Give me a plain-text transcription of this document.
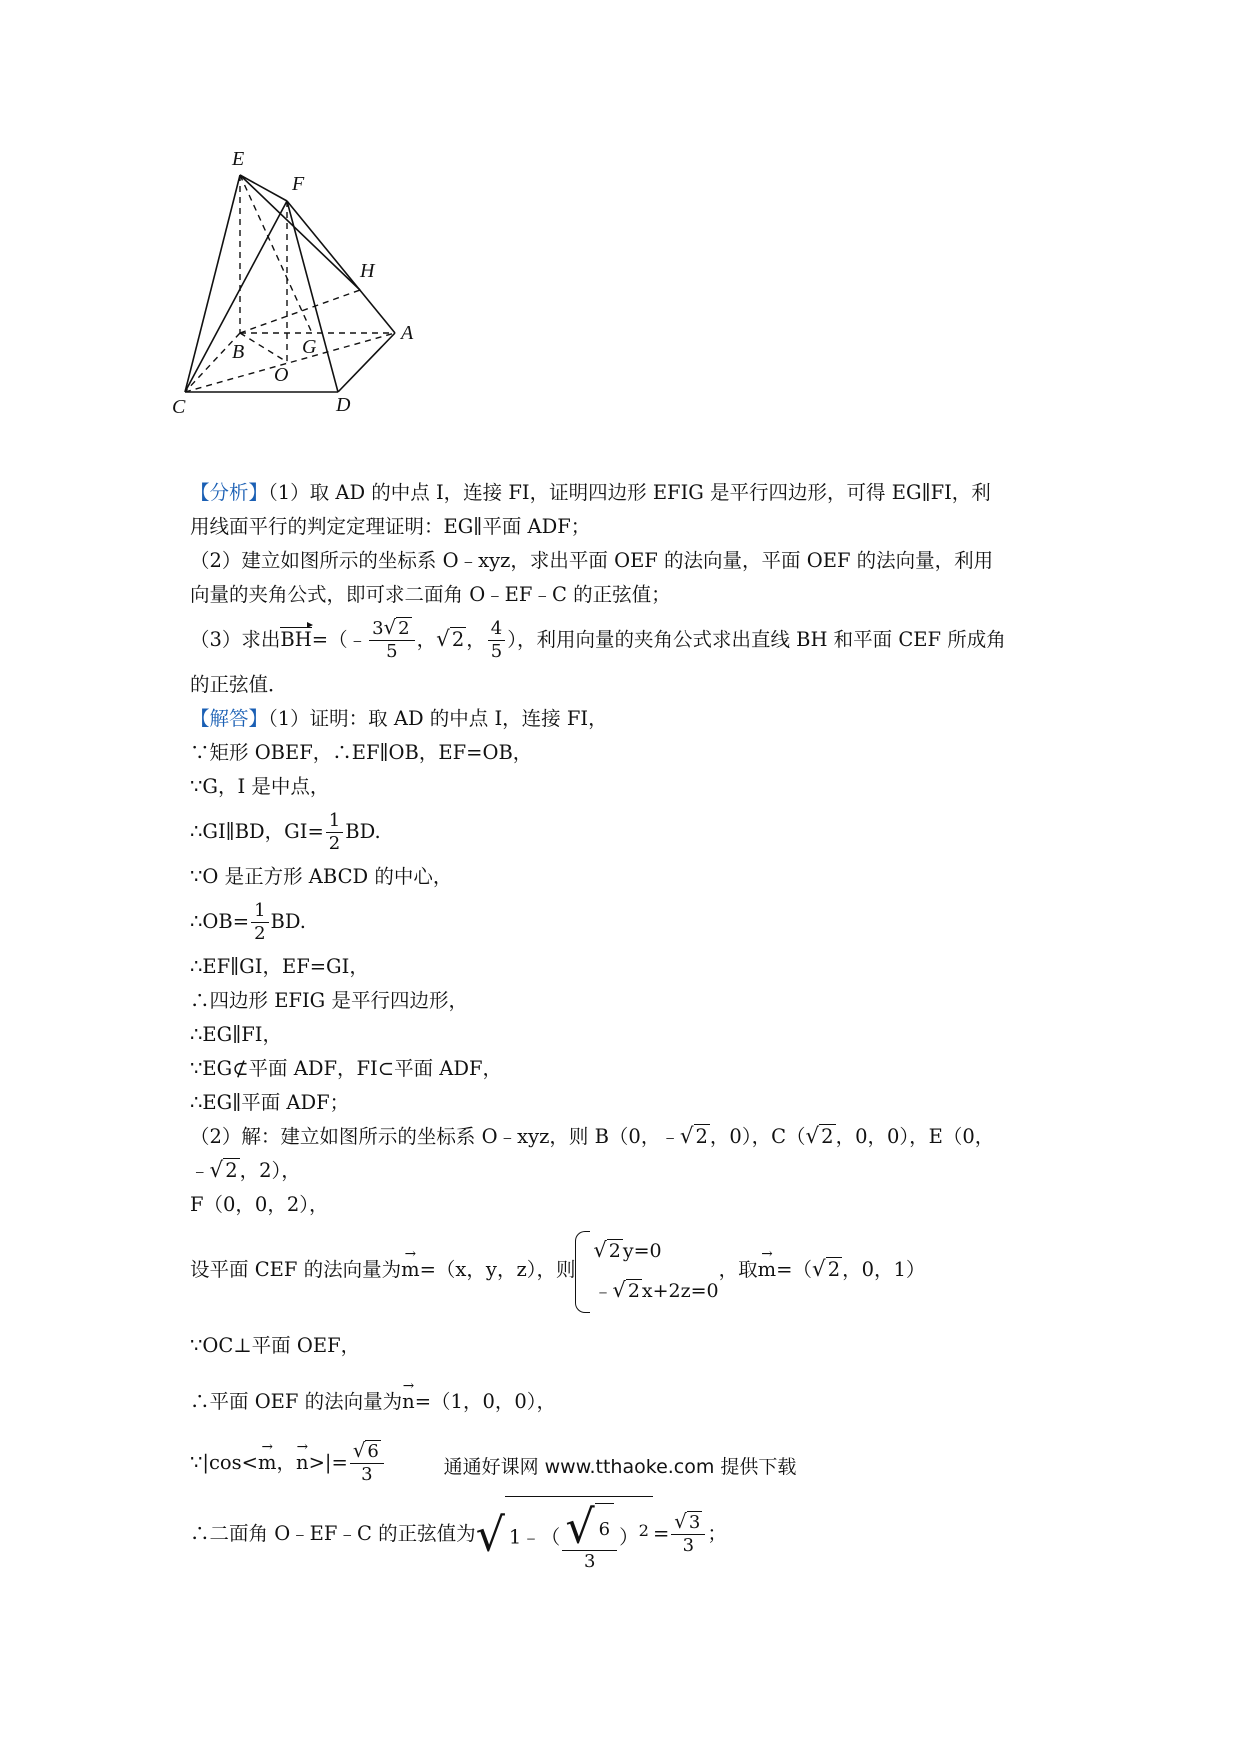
E
F
H
A
B	G
O
C	D
【分析】（1）取 AD 的中点 I，连接 FI，证明四边形 EFIG 是平行四边形，可得 EG∥FI，利
用线面平行的判定定理证明：EG∥平面 ADF；
（2）建立如图所示的坐标系 O﹣xyz，求出平面 OEF 的法向量，平面 OEF 的法向量，利用
向量的夹角公式，即可求二面角 O﹣EF﹣C 的正弦值；
（3）求出BH=（﹣ $\frac{3√ 2}{5}$ ，√ 2 ， $\frac{4}{5}$ ），利用向量的夹角公式求出直线 BH 和平面 CEF 所成角
的正弦值．
【解答】（1）证明：取 AD 的中点 I，连接 FI，
∵矩形 OBEF，∴EF∥OB，EF=OB，
∵G，I 是中点，
∴GI∥BD，$GI= \frac{1}{2}$ BD.
∵O 是正方形 ABCD 的中心，
∴OB= $\frac{1}{2}$ BD.
∴EF∥GI，EF=GI，
∴四边形 EFIG 是平行四边形，
∴EG∥FI，
∵EG⊄平面 ADF，FI⊂平面 ADF，
∴EG∥平面 ADF；
（2）解：建立如图所示的坐标系 O﹣xyz，则 B（0，﹣√ 2 ，0），C（√ 2 ，0，0），E（0，
﹣√ 2 ，2），
F（0，0，2），
设平面 CEF 的法向量为→ m=（x，y，z），则
√ 2 y=0
﹣√ 2 x+2z=0
，取→ m=（√ 2 ，0，1）
∵OC⊥平面 OEF，
∴平面 OEF 的法向量为→ n=（1，0，0），
∵|cos<→ m，→ $n>|= \frac{√ 6}{3}$
∴二面角 O﹣EF﹣C 的正弦值为√ 1﹣（ $\frac{√ 6}{3} )^2 = \frac{√ 3}{3}$ ；
通通好课网 www.tthaoke.com 提供下载
